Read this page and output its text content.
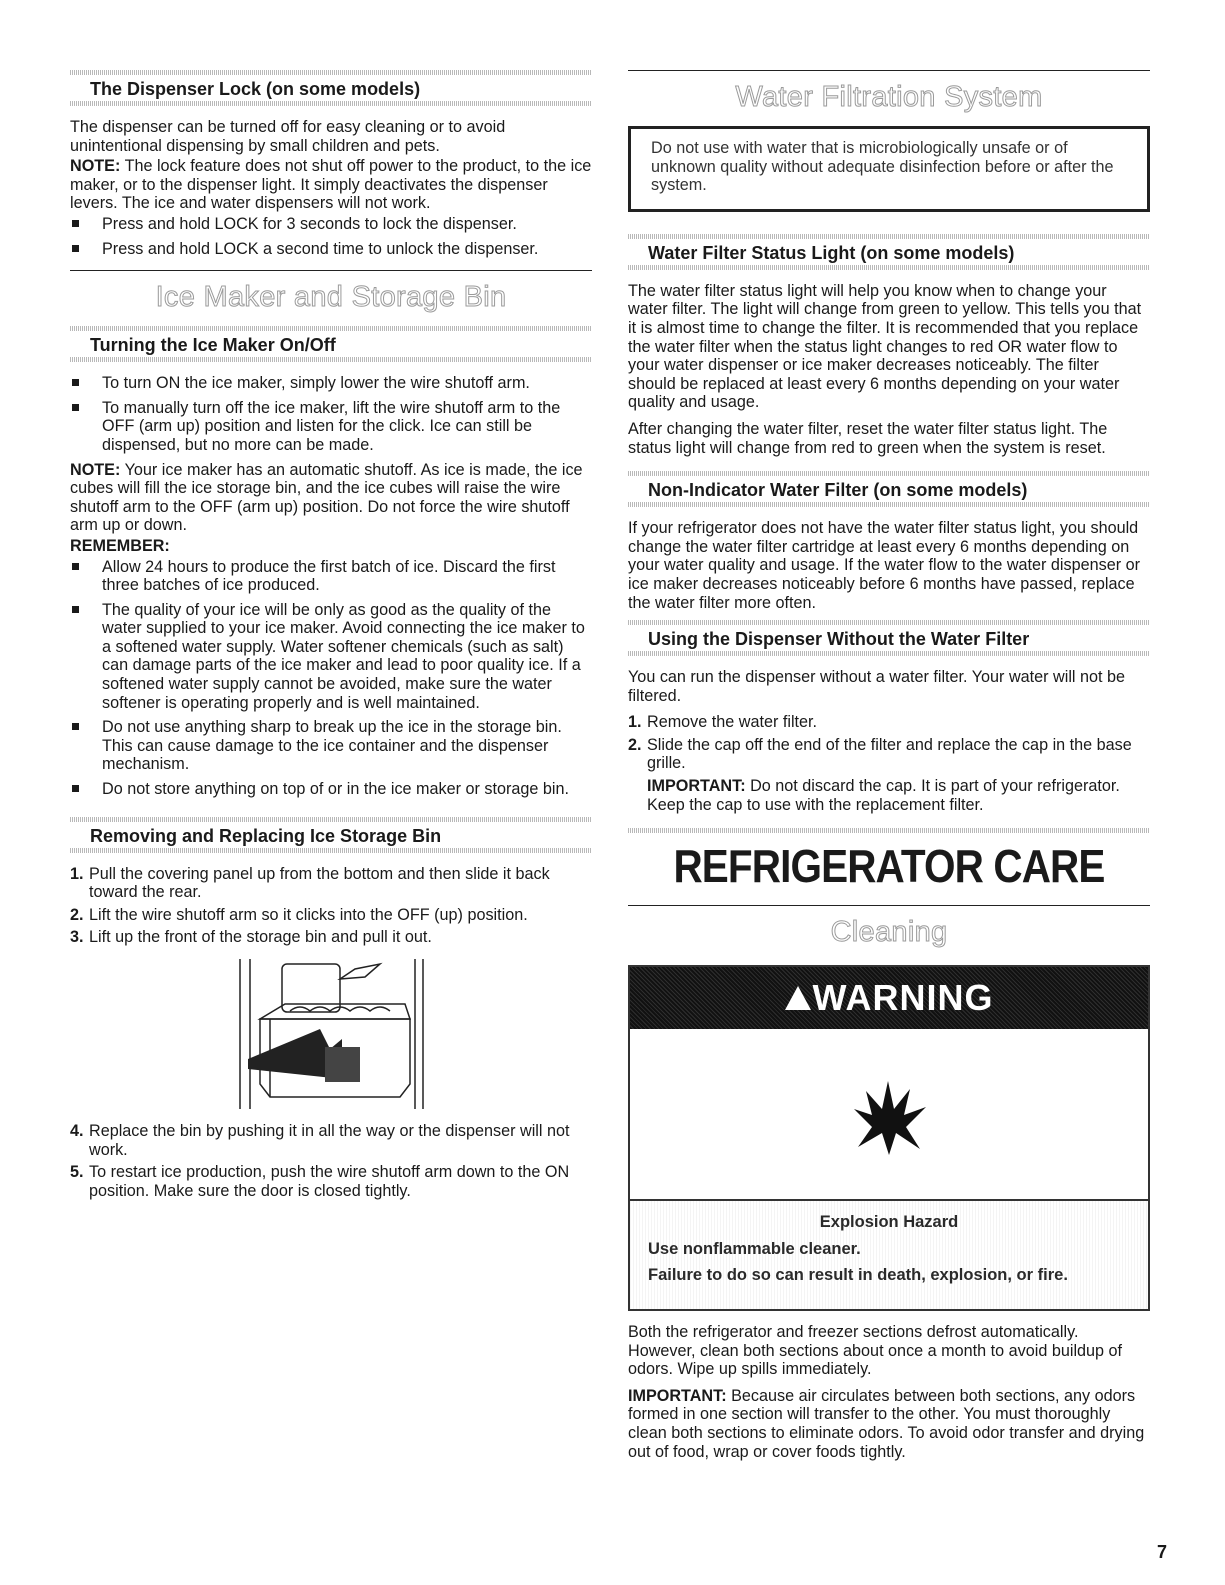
The Dispenser Lock (on some models)

The dispenser can be turned off for easy cleaning or to avoid unintentional dispensing by small children and pets.

NOTE: The lock feature does not shut off power to the product, to the ice maker, or to the dispenser light. It simply deactivates the dispenser levers. The ice and water dispensers will not work.

Press and hold LOCK for 3 seconds to lock the dispenser.
Press and hold LOCK a second time to unlock the dispenser.
Ice Maker and Storage Bin
Turning the Ice Maker On/Off
To turn ON the ice maker, simply lower the wire shutoff arm.
To manually turn off the ice maker, lift the wire shutoff arm to the OFF (arm up) position and listen for the click. Ice can still be dispensed, but no more can be made.

NOTE: Your ice maker has an automatic shutoff. As ice is made, the ice cubes will fill the ice storage bin, and the ice cubes will raise the wire shutoff arm to the OFF (arm up) position. Do not force the wire shutoff arm up or down.

REMEMBER:

Allow 24 hours to produce the first batch of ice. Discard the first three batches of ice produced.
The quality of your ice will be only as good as the quality of the water supplied to your ice maker. Avoid connecting the ice maker to a softened water supply. Water softener chemicals (such as salt) can damage parts of the ice maker and lead to poor quality ice. If a softened water supply cannot be avoided, make sure the water softener is operating properly and is well maintained.
Do not use anything sharp to break up the ice in the storage bin. This can cause damage to the ice container and the dispenser mechanism.
Do not store anything on top of or in the ice maker or storage bin.
Removing and Replacing Ice Storage Bin
1. Pull the covering panel up from the bottom and then slide it back toward the rear.
2. Lift the wire shutoff arm so it clicks into the OFF (up) position.
3. Lift up the front of the storage bin and pull it out.
4. Replace the bin by pushing it in all the way or the dispenser will not work.
5. To restart ice production, push the wire shutoff arm down to the ON position. Make sure the door is closed tightly.
Water Filtration System

Do not use with water that is microbiologically unsafe or of unknown quality without adequate disinfection before or after the system.

Water Filter Status Light (on some models)

The water filter status light will help you know when to change your water filter. The light will change from green to yellow. This tells you that it is almost time to change the filter. It is recommended that you replace the water filter when the status light changes to red OR water flow to your water dispenser or ice maker decreases noticeably. The filter should be replaced at least every 6 months depending on your water quality and usage.

After changing the water filter, reset the water filter status light. The status light will change from red to green when the system is reset.

Non-Indicator Water Filter (on some models)

If your refrigerator does not have the water filter status light, you should change the water filter cartridge at least every 6 months depending on your water quality and usage. If the water flow to the water dispenser or ice maker decreases noticeably before 6 months have passed, replace the water filter more often.

Using the Dispenser Without the Water Filter

You can run the dispenser without a water filter. Your water will not be filtered.

1. Remove the water filter.
2. Slide the cap off the end of the filter and replace the cap in the base grille.

IMPORTANT: Do not discard the cap. It is part of your refrigerator. Keep the cap to use with the replacement filter.

REFRIGERATOR CARE
Cleaning
WARNING

Explosion Hazard

Use nonflammable cleaner.

Failure to do so can result in death, explosion, or fire.

Both the refrigerator and freezer sections defrost automatically. However, clean both sections about once a month to avoid buildup of odors. Wipe up spills immediately.

IMPORTANT: Because air circulates between both sections, any odors formed in one section will transfer to the other. You must thoroughly clean both sections to eliminate odors. To avoid odor transfer and drying out of food, wrap or cover foods tightly.

7
